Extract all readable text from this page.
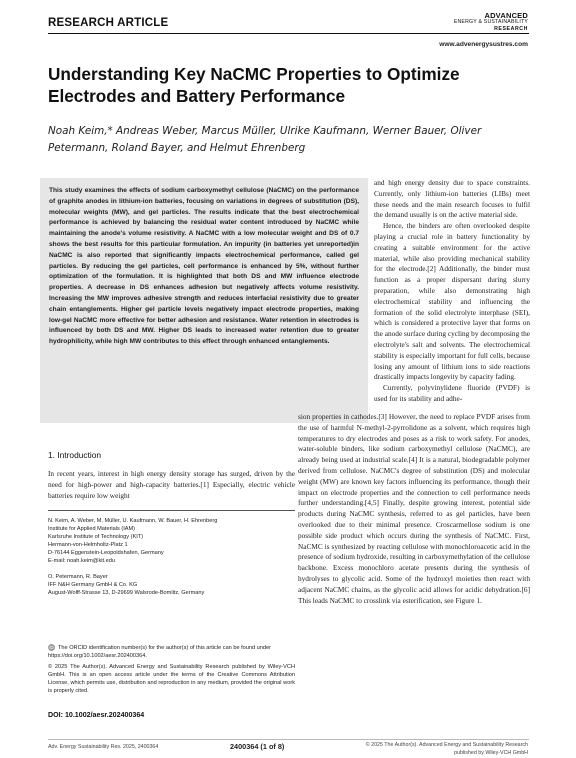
RESEARCH ARTICLE
ADVANCED
ENERGY & SUSTAINABILITY
RESEARCH
www.advenergysustres.com
Understanding Key NaCMC Properties to Optimize Electrodes and Battery Performance
Noah Keim,* Andreas Weber, Marcus Müller, Ulrike Kaufmann, Werner Bauer, Oliver Petermann, Roland Bayer, and Helmut Ehrenberg
This study examines the effects of sodium carboxymethyl cellulose (NaCMC) on the performance of graphite anodes in lithium-ion batteries, focusing on variations in degrees of substitution (DS), molecular weights (MW), and gel particles. The results indicate that the best electrochemical performance is achieved by balancing the residual water content introduced by NaCMC while maintaining the anode's volume resistivity. A NaCMC with a low molecular weight and DS of 0.7 shows the best results for this particular formulation. An impurity (in batteries yet unreported)in NaCMC is also reported that significantly impacts electrochemical performance, called gel particles. By reducing the gel particles, cell performance is enhanced by 5%, without further optimization of the formulation. It is highlighted that both DS and MW influence electrode properties. A decrease in DS enhances adhesion but negatively affects volume resistivity. Increasing the MW improves adhesive strength and reduces interfacial resistivity due to greater chain entanglements. Higher gel particle levels negatively impact electrode properties, making low-gel NaCMC more effective for better adhesion and resistance. Water retention in electrodes is influenced by both DS and MW. Higher DS leads to increased water retention due to greater hydrophilicity, while high MW contributes to this effect through enhanced entanglements.

and high energy density due to space constraints. Currently, only lithium-ion batteries (LIBs) meet these needs and the main research focuses to fulfil the demand usually is on the active material side.

Hence, the binders are often overlooked despite playing a crucial role in battery functionality by creating a suitable environment for the active material, while also providing mechanical stability for the electrode.[2] Additionally, the binder must function as a proper dispersant during slurry preparation, while also demonstrating high electrochemical stability and influencing the formation of the solid electrolyte interphase (SEI), which is considered a protective layer that forms on the anode surface during cycling by decomposing the electrolyte's salt and solvents. The electrochemical stability is especially important for full cells, because losing any amount of lithium ions to side reactions drastically impacts longevity by capacity fading.

Currently, polyvinylidene fluoride (PVDF) is used for its stability and adhe-

1. Introduction
In recent years, interest in high energy density storage has surged, driven by the need for high-power and high-capacity batteries.[1] Especially, electric vehicle batteries require low weight
sion properties in cathodes.[3] However, the need to replace PVDF arises from the use of harmful N-methyl-2-pyrrolidone as a solvent, which requires high temperatures to dry electrodes and poses as a risk to work safety. For anodes, water-soluble binders, like sodium carboxymethyl cellulose (NaCMC), are already being used at industrial scale.[4] It is a natural, biodegradable polymer derived from cellulose. NaCMC's degree of substitution (DS) and molecular weight (MW) are known key factors influencing its performance, though their impact on electrode properties and the connection to cell performance needs further understanding.[4,5] Finally, despite growing interest, potential side products during NaCMC synthesis, referred to as gel particles, have been overlooked due to their minimal presence. Croscarmellose sodium is one possible side product which occurs during the synthesis of NaCMC. First, NaCMC is synthesized by reacting cellulose with monochloroacetic acid in the presence of sodium hydroxide, resulting in carboxymethylation of the cellulose backbone. Excess monochloro acetate presents during the synthesis of hydrolyses to glycolic acid. Some of the hydroxyl moieties then react with adjacent NaCMC chains, as the glycolic acid allows for acidic dehydration.[6] This leads NaCMC to crosslink via esterification, see Figure 1.
N. Keim, A. Weber, M. Müller, U. Kaufmann, W. Bauer, H. Ehrenberg
Institute for Applied Materials (IAM)
Karlsruhe Institute of Technology (KIT)
Hermann-von-Helmholtz-Platz 1
D-76144 Eggenstein-Leopoldshafen, Germany
E-mail: noah.keim@kit.edu
O. Petermann, R. Bayer
IFF N&H Germany GmbH & Co. KG
August-Wolff-Strasse 13, D-29699 Walsrode-Bomlitz, Germany
iD The ORCID identification number(s) for the author(s) of this article can be found under https://doi.org/10.1002/aesr.202400364.
© 2025 The Author(s). Advanced Energy and Sustainability Research published by Wiley-VCH GmbH. This is an open access article under the terms of the Creative Commons Attribution License, which permits use, distribution and reproduction in any medium, provided the original work is properly cited.
DOI: 10.1002/aesr.202400364
Adv. Energy Sustainability Res. 2025, 2400364	2400364 (1 of 8)	© 2025 The Author(s). Advanced Energy and Sustainability Research
published by Wiley-VCH GmbH
